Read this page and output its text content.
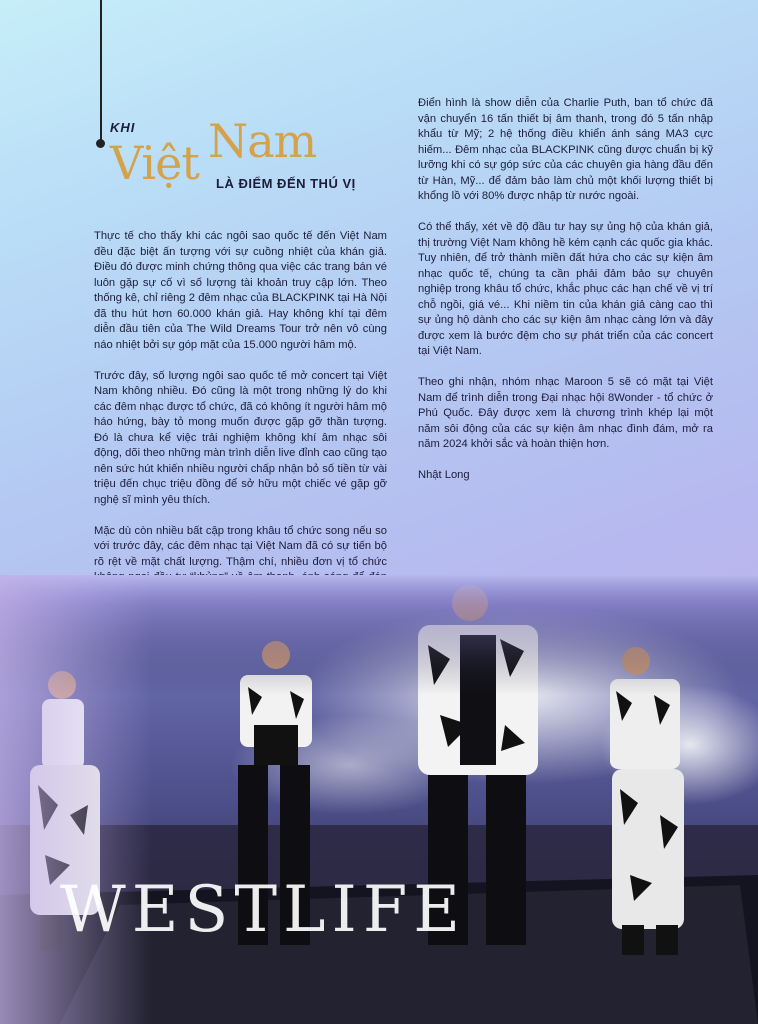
KHI Nam
Việt LÀ ĐIỂM ĐẾN THÚ VỊ

Thực tế cho thấy khi các ngôi sao quốc tế đến Việt Nam đều đặc biệt ấn tượng với sự cuồng nhiệt của khán giả. Điều đó được minh chứng thông qua việc các trang bán vé luôn gặp sự cố vì số lượng tài khoản truy cập lớn. Theo thống kê, chỉ riêng 2 đêm nhạc của BLACKPINK tại Hà Nội đã thu hút hơn 60.000 khán giả. Hay không khí tại đêm diễn đầu tiên của The Wild Dreams Tour trở nên vô cùng náo nhiệt bởi sự góp mặt của 15.000 người hâm mộ.

Trước đây, số lượng ngôi sao quốc tế mở concert tại Việt Nam không nhiều. Đó cũng là một trong những lý do khi các đêm nhạc được tổ chức, đã có không ít người hâm mộ háo hứng, bày tỏ mong muốn được gặp gỡ thần tượng. Đó là chưa kể việc trải nghiệm không khí âm nhạc sôi động, dõi theo những màn trình diễn live đỉnh cao cũng tạo nên sức hút khiến nhiều người chấp nhận bỏ số tiền từ vài triệu đến chục triệu đồng để sở hữu một chiếc vé gặp gỡ nghệ sĩ mình yêu thích.

Mặc dù còn nhiều bất cập trong khâu tổ chức song nếu so với trước đây, các đêm nhạc tại Việt Nam đã có sự tiến bộ rõ rệt về mặt chất lượng. Thậm chí, nhiều đơn vị tổ chức

Điển hình là show diễn của Charlie Puth, ban tổ chức đã vận chuyển 16 tấn thiết bị âm thanh, trong đó 5 tấn nhập khẩu từ Mỹ; 2 hệ thống điều khiển ánh sáng MA3 cực hiếm... Đêm nhạc của BLACKPINK cũng được chuẩn bị kỹ lưỡng khi có sự góp sức của các chuyên gia hàng đầu đến từ Hàn, Mỹ... để đảm bảo làm chủ một khối lượng thiết bị khổng lồ với 80% được nhập từ nước ngoài.

Có thể thấy, xét về độ đầu tư hay sự ủng hộ của khán giả, thị trường Việt Nam không hề kém cạnh các quốc gia khác. Tuy nhiên, để trở thành miền đất hứa cho các sự kiện âm nhạc quốc tế, chúng ta cần phải đảm bảo sự chuyên nghiệp trong khâu tổ chức, khắc phục các hạn chế về vị trí chỗ ngồi, giá vé... Khi niềm tin của khán giả càng cao thì sự ủng hộ dành cho các sự kiện âm nhạc càng lớn và đây được xem là bước đệm cho sự phát triển của các concert tại Việt Nam.

Theo ghi nhận, nhóm nhạc Maroon 5 sẽ có mặt tại Việt Nam để trình diễn trong Đại nhạc hội 8Wonder - tổ chức ở Phú Quốc. Đây được xem là chương trình khép lại một năm sôi động của các sự kiện âm nhạc đình đám, mở ra năm 2024 khởi sắc và hoàn thiện hơn.

Nhật Long

WESTLIFE
